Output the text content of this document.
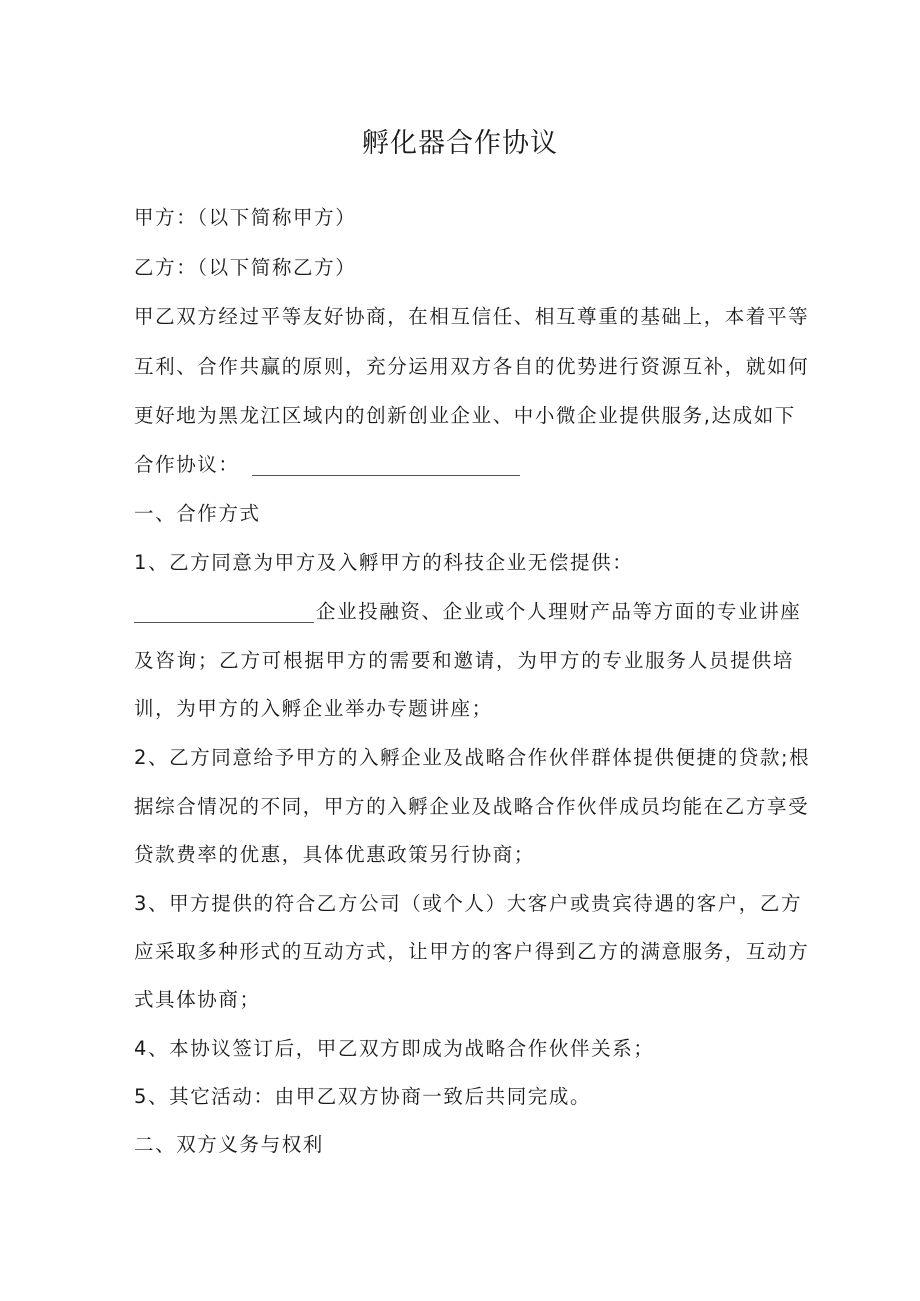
孵化器合作协议
甲方：（以下简称甲方）
乙方：（以下简称乙方）
甲乙双方经过平等友好协商，在相互信任、相互尊重的基础上，本着平等
互利、合作共赢的原则，充分运用双方各自的优势进行资源互补，就如何
更好地为黑龙江区域内的创新创业企业、中小微企业提供服务,达成如下
合作协议：
一、合作方式
1、乙方同意为甲方及入孵甲方的科技企业无偿提供：
企业投融资、企业或个人理财产品等方面的专业讲座
及咨询；乙方可根据甲方的需要和邀请，为甲方的专业服务人员提供培
训，为甲方的入孵企业举办专题讲座；
2、乙方同意给予甲方的入孵企业及战略合作伙伴群体提供便捷的贷款;根
据综合情况的不同，甲方的入孵企业及战略合作伙伴成员均能在乙方享受
贷款费率的优惠，具体优惠政策另行协商；
3、甲方提供的符合乙方公司（或个人）大客户或贵宾待遇的客户，乙方
应采取多种形式的互动方式，让甲方的客户得到乙方的满意服务，互动方
式具体协商；
4、本协议签订后，甲乙双方即成为战略合作伙伴关系；
5、其它活动：由甲乙双方协商一致后共同完成。
二、双方义务与权利
